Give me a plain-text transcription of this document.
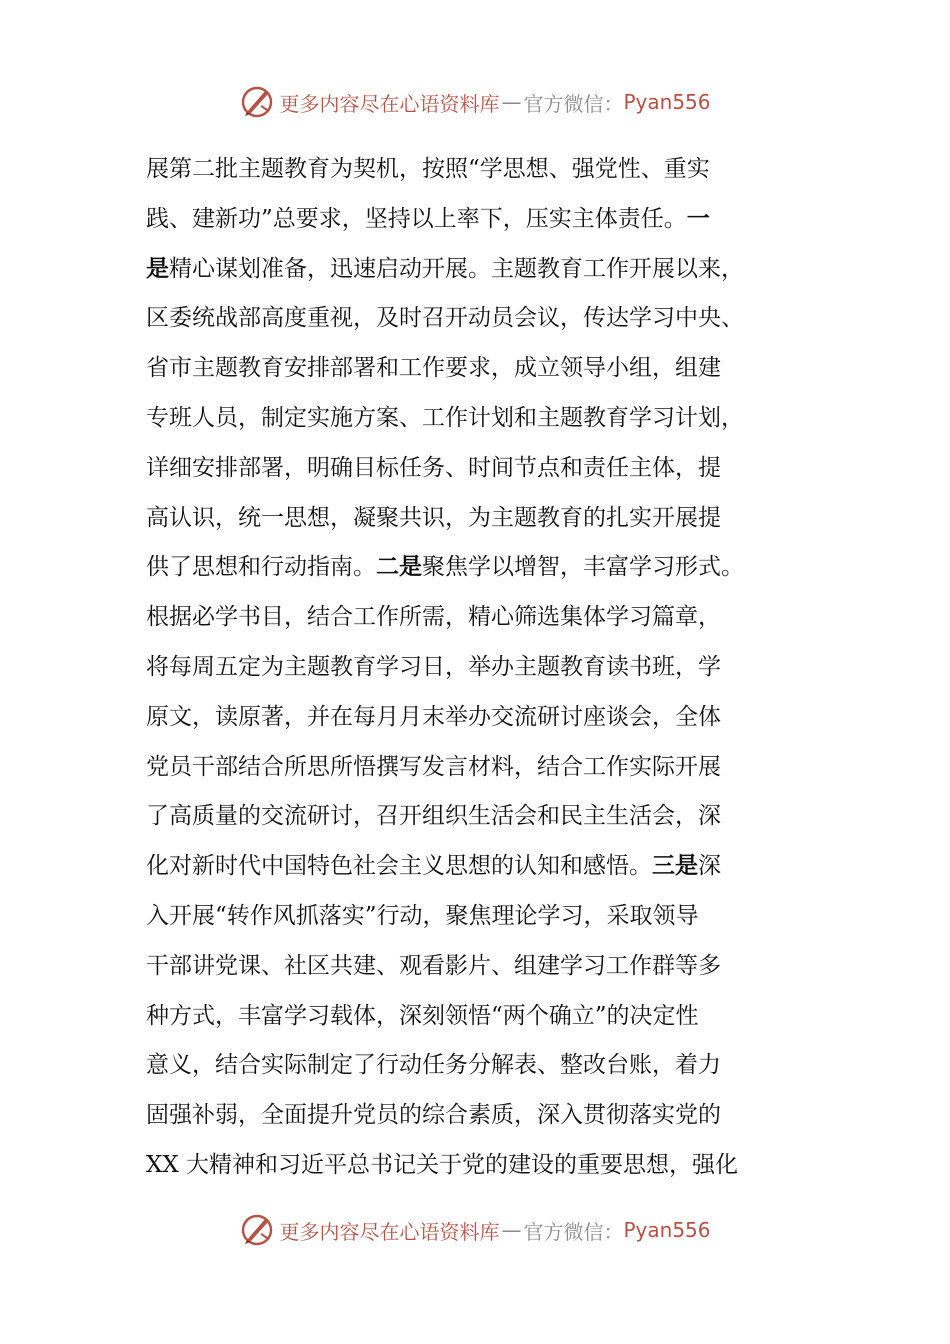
更多内容尽在心语资料库 — 官方微信： Pyan556
展第二批主题教育为契机，按照“学思想、强党性、重实
践、建新功”总要求，坚持以上率下，压实主体责任。一
是精心谋划准备，迅速启动开展。主题教育工作开展以来，
区委统战部高度重视，及时召开动员会议，传达学习中央、
省市主题教育安排部署和工作要求，成立领导小组，组建
专班人员，制定实施方案、工作计划和主题教育学习计划，
详细安排部署，明确目标任务、时间节点和责任主体，提
高认识，统一思想，凝聚共识，为主题教育的扎实开展提
供了思想和行动指南。二是聚焦学以增智，丰富学习形式。
根据必学书目，结合工作所需，精心筛选集体学习篇章，
将每周五定为主题教育学习日，举办主题教育读书班，学
原文，读原著，并在每月月末举办交流研讨座谈会，全体
党员干部结合所思所悟撰写发言材料，结合工作实际开展
了高质量的交流研讨，召开组织生活会和民主生活会，深
化对新时代中国特色社会主义思想的认知和感悟。三是深
入开展“转作风抓落实”行动，聚焦理论学习，采取领导
干部讲党课、社区共建、观看影片、组建学习工作群等多
种方式，丰富学习载体，深刻领悟“两个确立”的决定性
意义，结合实际制定了行动任务分解表、整改台账，着力
固强补弱，全面提升党员的综合素质，深入贯彻落实党的
XX 大精神和习近平总书记关于党的建设的重要思想，强化
更多内容尽在心语资料库 — 官方微信： Pyan556
